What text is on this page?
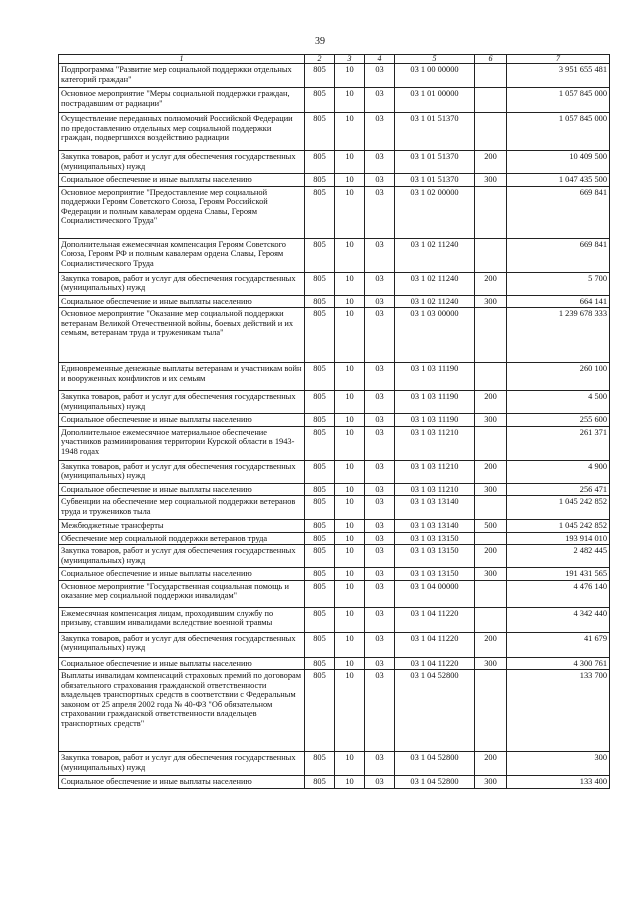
39
1	2	3	4	5	6	7
Подпрограмма "Развитие мер социальной поддержки отдельных категорий граждан"	805	10	03	03 1 00 00000		3 951 655 481
Основное мероприятие "Меры социальной поддержки граждан, пострадавшим от радиации"	805	10	03	03 1 01 00000		1 057 845 000
Осуществление переданных полномочий Российской Федерации по предоставлению отдельных мер социальной поддержки граждан, подвергшихся воздействию радиации	805	10	03	03 1 01 51370		1 057 845 000
Закупка товаров, работ и услуг для обеспечения государственных (муниципальных) нужд	805	10	03	03 1 01 51370	200	10 409 500
Социальное обеспечение и иные выплаты населению	805	10	03	03 1 01 51370	300	1 047 435 500
Основное мероприятие "Предоставление мер социальной поддержки Героям Советского Союза, Героям Российской Федерации и полным кавалерам ордена Славы, Героям Социалистического Труда"	805	10	03	03 1 02 00000		669 841
Дополнительная ежемесячная компенсация Героям Советского Союза, Героям РФ и полным кавалерам ордена Славы, Героям Социалистического Труда	805	10	03	03 1 02 11240		669 841
Закупка товаров, работ и услуг для обеспечения государственных (муниципальных) нужд	805	10	03	03 1 02 11240	200	5 700
Социальное обеспечение и иные выплаты населению	805	10	03	03 1 02 11240	300	664 141
Основное мероприятие "Оказание мер социальной поддержки ветеранам Великой Отечественной войны, боевых действий и их семьям, ветеранам труда и труженикам тыла"	805	10	03	03 1 03 00000		1 239 678 333
Единовременные денежные выплаты ветеранам и участникам войн и вооруженных конфликтов и их семьям	805	10	03	03 1 03 11190		260 100
Закупка товаров, работ и услуг для обеспечения государственных (муниципальных) нужд	805	10	03	03 1 03 11190	200	4 500
Социальное обеспечение и иные выплаты населению	805	10	03	03 1 03 11190	300	255 600
Дополнительное ежемесячное материальное обеспечение участников разминирования территории Курской области в 1943-1948 годах	805	10	03	03 1 03 11210		261 371
Закупка товаров, работ и услуг для обеспечения государственных (муниципальных) нужд	805	10	03	03 1 03 11210	200	4 900
Социальное обеспечение и иные выплаты населению	805	10	03	03 1 03 11210	300	256 471
Субвенции на обеспечение мер социальной поддержки ветеранов труда и тружеников тыла	805	10	03	03 1 03 13140		1 045 242 852
Межбюджетные трансферты	805	10	03	03 1 03 13140	500	1 045 242 852
Обеспечение мер социальной поддержки ветеранов труда	805	10	03	03 1 03 13150		193 914 010
Закупка товаров, работ и услуг для обеспечения государственных (муниципальных) нужд	805	10	03	03 1 03 13150	200	2 482 445
Социальное обеспечение и иные выплаты населению	805	10	03	03 1 03 13150	300	191 431 565
Основное мероприятие "Государственная социальная помощь и оказание мер социальной поддержки инвалидам"	805	10	03	03 1 04 00000		4 476 140
Ежемесячная компенсация лицам, проходившим службу по призыву, ставшим инвалидами вследствие военной травмы	805	10	03	03 1 04 11220		4 342 440
Закупка товаров, работ и услуг для обеспечения государственных (муниципальных) нужд	805	10	03	03 1 04 11220	200	41 679
Социальное обеспечение и иные выплаты населению	805	10	03	03 1 04 11220	300	4 300 761
Выплаты инвалидам компенсаций страховых премий по договорам обязательного страхования гражданской ответственности владельцев транспортных средств в соответствии с Федеральным законом от 25 апреля 2002 года № 40-ФЗ "Об обязательном страховании гражданской ответственности владельцев транспортных средств"	805	10	03	03 1 04 52800		133 700
Закупка товаров, работ и услуг для обеспечения государственных (муниципальных) нужд	805	10	03	03 1 04 52800	200	300
Социальное обеспечение и иные выплаты населению	805	10	03	03 1 04 52800	300	133 400
